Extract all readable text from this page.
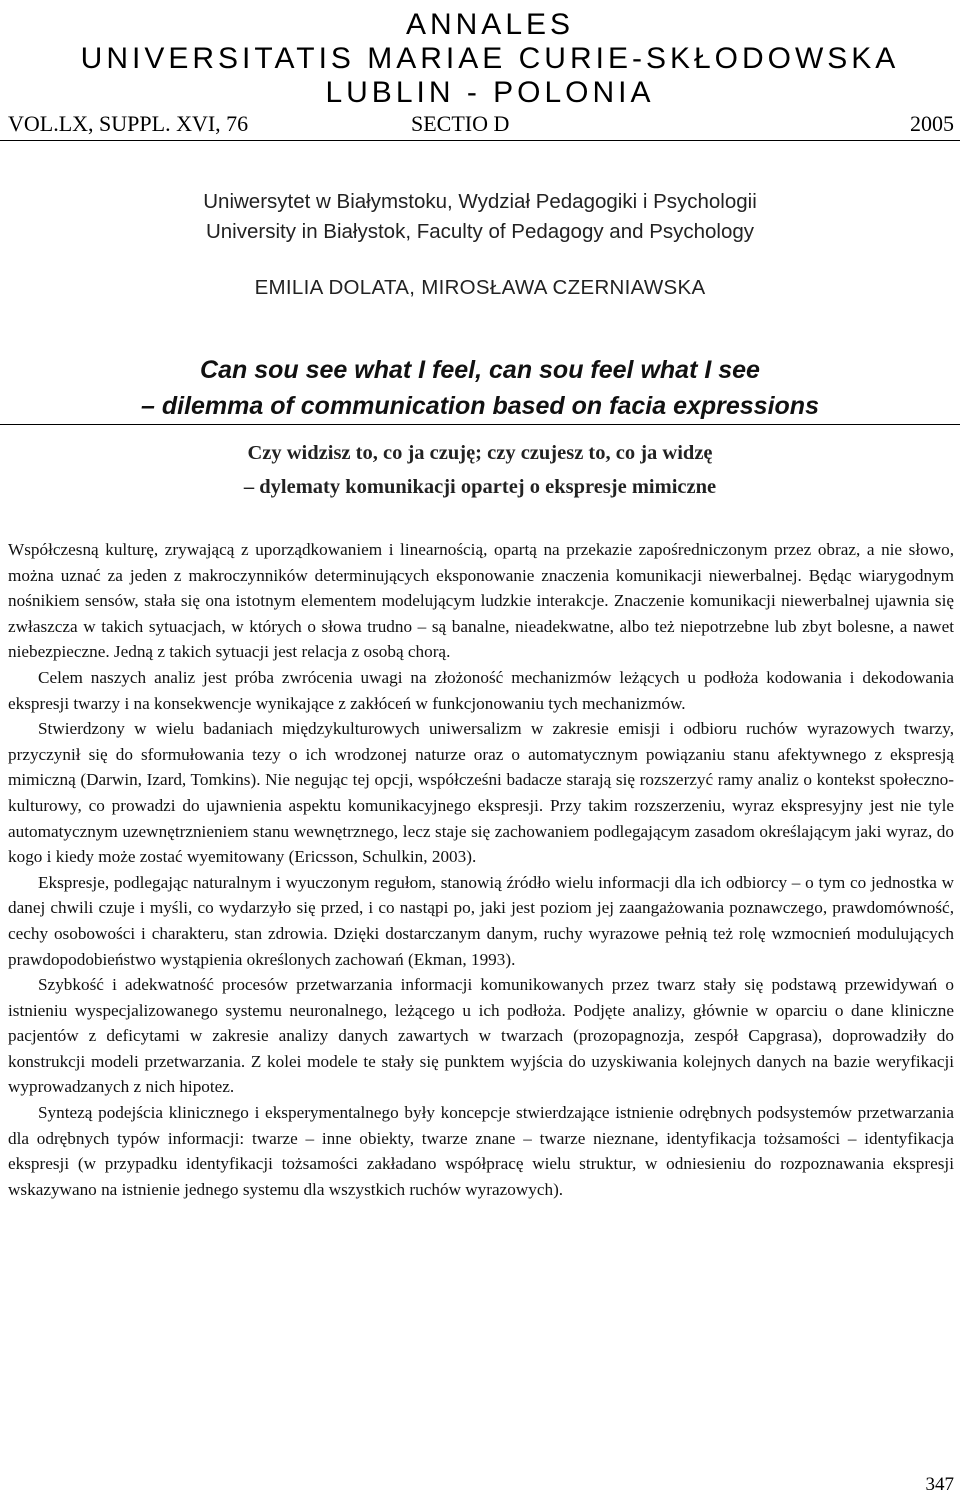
ANNALES
UNIVERSITATIS MARIAE CURIE-SKŁODOWSKA
LUBLIN - POLONIA
VOL.LX, SUPPL. XVI, 76	SECTIO D	2005
Uniwersytet w Białymstoku, Wydział Pedagogiki i Psychologii
University in Białystok, Faculty of Pedagogy and Psychology
EMILIA DOLATA, MIROSŁAWA CZERNIAWSKA
Can sou see what I feel, can sou feel what I see
– dilemma of communication based on facia expressions
Czy widzisz to, co ja czuję; czy czujesz to, co ja widzę
– dylematy komunikacji opartej o ekspresje mimiczne

Współczesną kulturę, zrywającą z uporządkowaniem i linearnością, opartą na przekazie zapośredniczonym przez obraz, a nie słowo, można uznać za jeden z makroczynników determinujących eksponowanie znaczenia komunikacji niewerbalnej. Będąc wiarygodnym nośnikiem sensów, stała się ona istotnym elementem modelującym ludzkie interakcje. Znaczenie komunikacji niewerbalnej ujawnia się zwłaszcza w takich sytuacjach, w których o słowa trudno – są banalne, nieadekwatne, albo też niepotrzebne lub zbyt bolesne, a nawet niebezpieczne. Jedną z takich sytuacji jest relacja z osobą chorą.

Celem naszych analiz jest próba zwrócenia uwagi na złożoność mechanizmów leżących u podłoża kodowania i dekodowania ekspresji twarzy i na konsekwencje wynikające z zakłóceń w funkcjonowaniu tych mechanizmów.

Stwierdzony w wielu badaniach międzykulturowych uniwersalizm w zakresie emisji i odbioru ruchów wyrazowych twarzy, przyczynił się do sformułowania tezy o ich wrodzonej naturze oraz o automatycznym powiązaniu stanu afektywnego z ekspresją mimiczną (Darwin, Izard, Tomkins). Nie negując tej opcji, współcześni badacze starają się rozszerzyć ramy analiz o kontekst społeczno-kulturowy, co prowadzi do ujawnienia aspektu komunikacyjnego ekspresji. Przy takim rozszerzeniu, wyraz ekspresyjny jest nie tyle automatycznym uzewnętrznieniem stanu wewnętrznego, lecz staje się zachowaniem podlegającym zasadom określającym jaki wyraz, do kogo i kiedy może zostać wyemitowany (Ericsson, Schulkin, 2003).

Ekspresje, podlegając naturalnym i wyuczonym regułom, stanowią źródło wielu informacji dla ich odbiorcy – o tym co jednostka w danej chwili czuje i myśli, co wydarzyło się przed, i co nastąpi po, jaki jest poziom jej zaangażowania poznawczego, prawdomówność, cechy osobowości i charakteru, stan zdrowia. Dzięki dostarczanym danym, ruchy wyrazowe pełnią też rolę wzmocnień modulujących prawdopodobieństwo wystąpienia określonych zachowań (Ekman, 1993).

Szybkość i adekwatność procesów przetwarzania informacji komunikowanych przez twarz stały się podstawą przewidywań o istnieniu wyspecjalizowanego systemu neuronalnego, leżącego u ich podłoża. Podjęte analizy, głównie w oparciu o dane kliniczne pacjentów z deficytami w zakresie analizy danych zawartych w twarzach (prozopagnozja, zespół Capgrasa), doprowadziły do konstrukcji modeli przetwarzania. Z kolei modele te stały się punktem wyjścia do uzyskiwania kolejnych danych na bazie weryfikacji wyprowadzanych z nich hipotez.

Syntezą podejścia klinicznego i eksperymentalnego były koncepcje stwierdzające istnienie odrębnych podsystemów przetwarzania dla odrębnych typów informacji: twarze – inne obiekty, twarze znane – twarze nieznane, identyfikacja tożsamości – identyfikacja ekspresji (w przypadku identyfikacji tożsamości zakładano współpracę wielu struktur, w odniesieniu do rozpoznawania ekspresji wskazywano na istnienie jednego systemu dla wszystkich ruchów wyrazowych).

347
